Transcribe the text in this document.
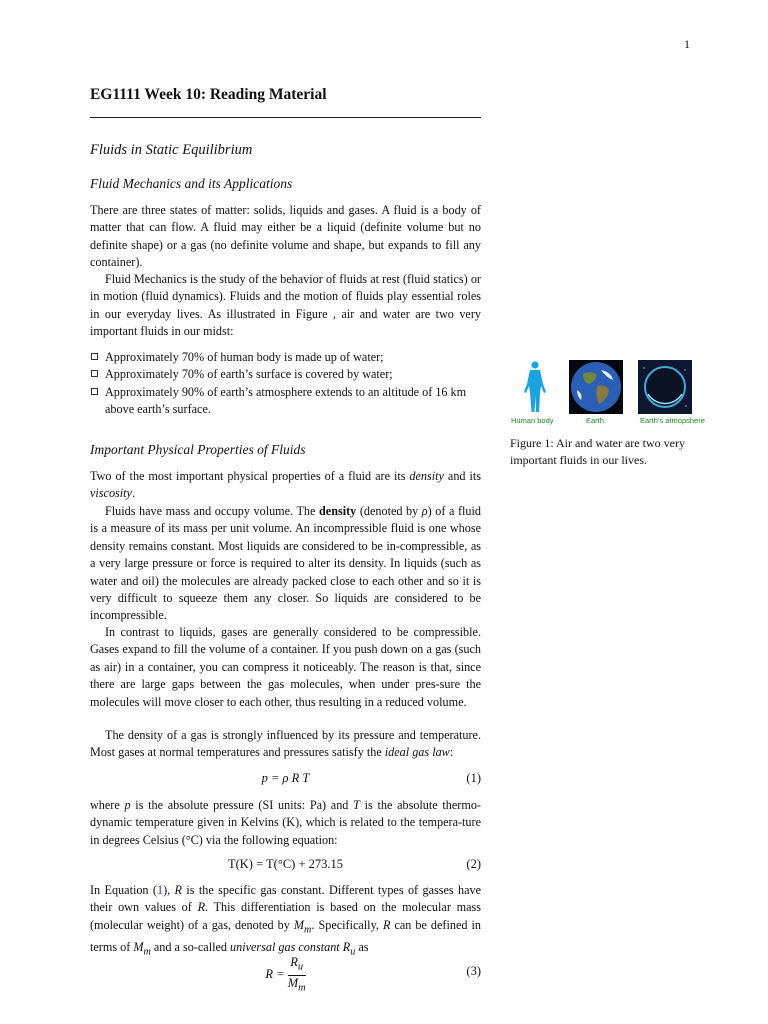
1
EG1111 Week 10: Reading Material
Fluids in Static Equilibrium
Fluid Mechanics and its Applications

There are three states of matter: solids, liquids and gases. A fluid is a body of matter that can flow. A fluid may either be a liquid (definite volume but no definite shape) or a gas (no definite volume and shape, but expands to fill any container).

Fluid Mechanics is the study of the behavior of fluids at rest (fluid statics) or in motion (fluid dynamics). Fluids and the motion of fluids play essential roles in our everyday lives. As illustrated in Figure , air and water are two very important fluids in our midst:

Approximately 70% of human body is made up of water;
Approximately 70% of earth’s surface is covered by water;
Approximately 90% of earth’s atmosphere extends to an altitude of 16 km above earth’s surface.
Human body	Earth	Earth’s atmopshere
Figure 1: Air and water are two very important fluids in our lives.
Important Physical Properties of Fluids

Two of the most important physical properties of a fluid are its density and its viscosity.

Fluids have mass and occupy volume. The density (denoted by ρ) of a fluid is a measure of its mass per unit volume. An incompressible fluid is one whose density remains constant. Most liquids are considered to be in-compressible, as a very large pressure or force is required to alter its density. In liquids (such as water and oil) the molecules are already packed close to each other and so it is very difficult to squeeze them any closer. So liquids are considered to be incompressible.

In contrast to liquids, gases are generally considered to be compressible. Gases expand to fill the volume of a container. If you push down on a gas (such as air) in a container, you can compress it noticeably. The reason is that, since there are large gaps between the gas molecules, when under pres-sure the molecules will move closer to each other, thus resulting in a reduced volume.

The density of a gas is strongly influenced by its pressure and temperature. Most gases at normal temperatures and pressures satisfy the ideal gas law:

p = ρ R T	(1)

where p is the absolute pressure (SI units: Pa) and T is the absolute thermo-dynamic temperature given in Kelvins (K), which is related to the tempera-ture in degrees Celsius (°C) via the following equation:

T(K) = T(°C) + 273.15	(2)

In Equation (1), R is the specific gas constant. Different types of gasses have their own values of R. This differentiation is based on the molecular mass (molecular weight) of a gas, denoted by $M_m$. Specifically, R can be defined in terms of $M_m$ and a so-called universal gas constant $R_u$ as

$R = \frac{R_u}{M_m}$	(3)
